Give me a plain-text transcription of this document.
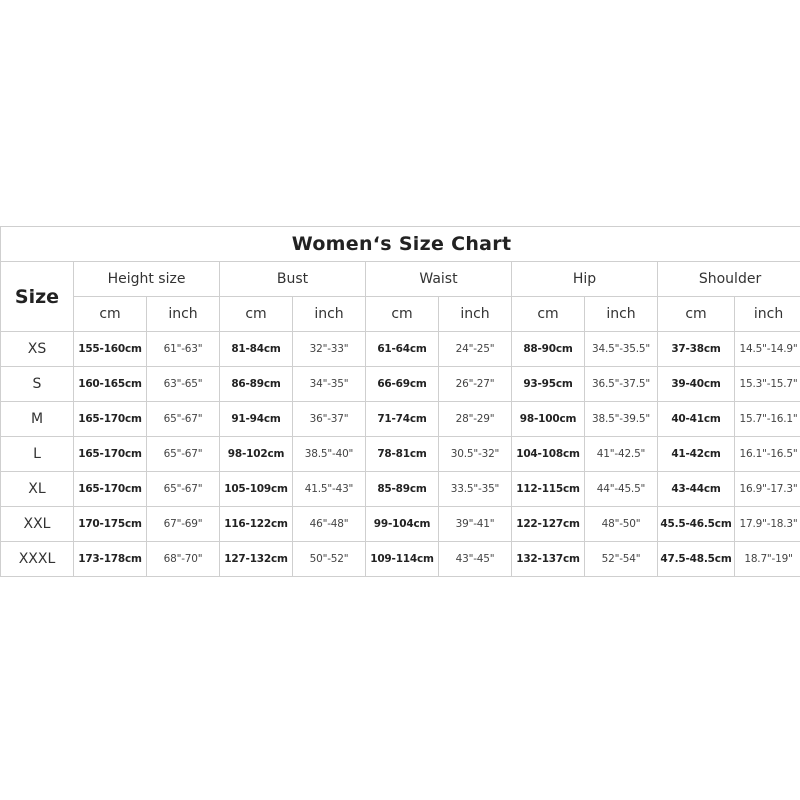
Women‘s Size Chart										
Size	Height size		Bust		Waist		Hip		Shoulder	
	cm	inch	cm	inch	cm	inch	cm	inch	cm	inch
XS	155-160cm	61"-63"	81-84cm	32"-33"	61-64cm	24"-25"	88-90cm	34.5"-35.5"	37-38cm	14.5"-14.9"
S	160-165cm	63"-65"	86-89cm	34"-35"	66-69cm	26"-27"	93-95cm	36.5"-37.5"	39-40cm	15.3"-15.7"
M	165-170cm	65"-67"	91-94cm	36"-37"	71-74cm	28"-29"	98-100cm	38.5"-39.5"	40-41cm	15.7"-16.1"
L	165-170cm	65"-67"	98-102cm	38.5"-40"	78-81cm	30.5"-32"	104-108cm	41"-42.5"	41-42cm	16.1"-16.5"
XL	165-170cm	65"-67"	105-109cm	41.5"-43"	85-89cm	33.5"-35"	112-115cm	44"-45.5"	43-44cm	16.9"-17.3"
XXL	170-175cm	67"-69"	116-122cm	46"-48"	99-104cm	39"-41"	122-127cm	48"-50"	45.5-46.5cm	17.9"-18.3"
XXXL	173-178cm	68"-70"	127-132cm	50"-52"	109-114cm	43"-45"	132-137cm	52"-54"	47.5-48.5cm	18.7"-19"
